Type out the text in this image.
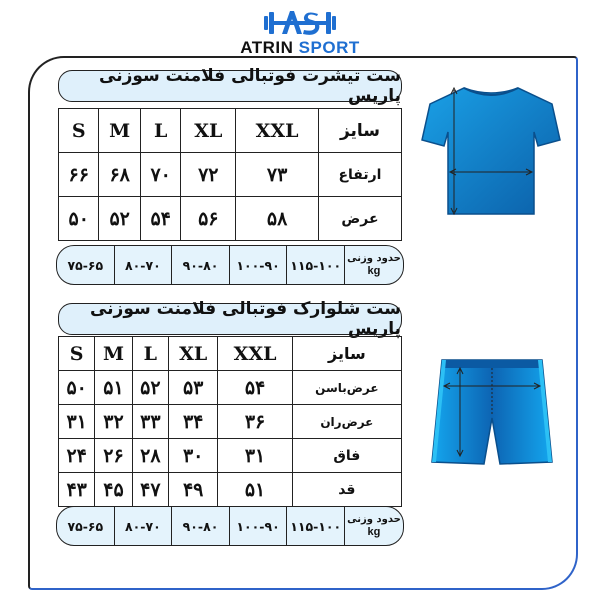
ATRIN SPORT
ست تیشرت فوتبالی فلامنت سوزنی پاریس
S	M	L	XL	XXL	سایز
۶۶	۶۸	۷۰	۷۲	۷۳	ارتفاع
۵۰	۵۲	۵۴	۵۶	۵۸	عرض
۷۵-۶۵	۸۰-۷۰	۹۰-۸۰	۱۰۰-۹۰ ۱۱۵-۱۰۰ حدود وزنی
kg
ست شلوارک فوتبالی فلامنت سوزنی پاریس
S	M	L	XL	XXL	سایز
۵۰	۵۱	۵۲	۵۳	۵۴	عرض‌باسن
۳۱	۳۲	۳۳	۳۴	۳۶	عرض‌ران
۲۴	۲۶	۲۸	۳۰	۳۱	فاق
۴۳	۴۵	۴۷	۴۹	۵۱	قد
۷۵-۶۵	۸۰-۷۰	۹۰-۸۰	۱۰۰-۹۰ ۱۱۵-۱۰۰ حدود وزنی
kg
